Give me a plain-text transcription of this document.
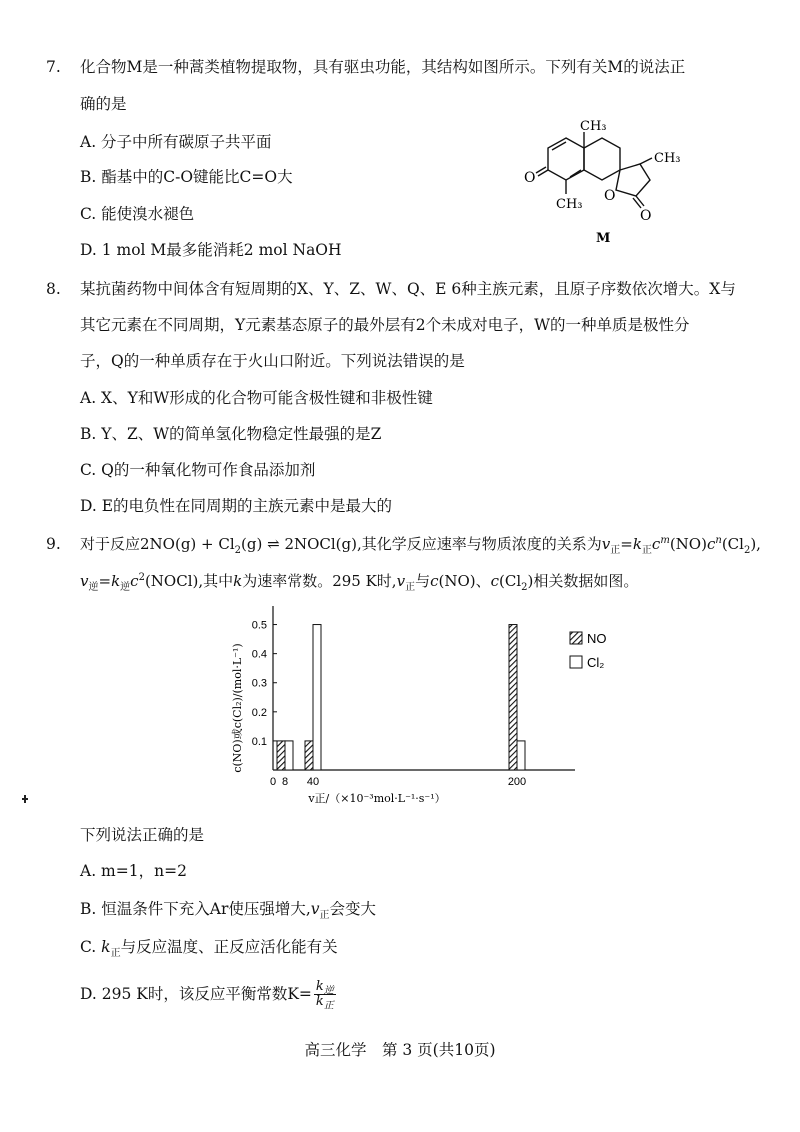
7. 化合物M是一种蒿类植物提取物，具有驱虫功能，其结构如图所示。下列有关M的说法正
确的是
A. 分子中所有碳原子共平面
B. 酯基中的C-O键能比C=O大
C. 能使溴水褪色
D. 1 mol M最多能消耗2 mol NaOH
CH₃
CH₃
CH₃
O
O
O
M
8. 某抗菌药物中间体含有短周期的X、Y、Z、W、Q、E 6种主族元素，且原子序数依次增大。X与
其它元素在不同周期，Y元素基态原子的最外层有2个未成对电子，W的一种单质是极性分
子，Q的一种单质存在于火山口附近。下列说法错误的是
A. X、Y和W形成的化合物可能含极性键和非极性键
B. Y、Z、W的简单氢化物稳定性最强的是Z
C. Q的一种氧化物可作食品添加剂
D. E的电负性在同周期的主族元素中是最大的
9. 对于反应$2NO(g) + Cl_2(g)$ ⇌ 2NOCl(g),其化学反应速率与物质浓度的关系为$v_正=k_正c^m(NO)c^n(Cl_2)$,
$v_逆=k_逆c^2(NOCl)$,其中k为速率常数。295 K时$,v_正$与c(NO)、$c(Cl_2)$相关数据如图。
0.1
0.2
0.3
0.4
0.5
0 8 40	200
NO
Cl₂
c(NO)或c(Cl₂)/(mol·L⁻¹)
v正/（×10⁻³mol·L⁻¹·s⁻¹）
下列说法正确的是
A. m=1，n=2
B. 恒温条件下充入Ar使压强增大$,v_正$会变大
C. $k_正$与反应温度、正反应活化能有关
D. 295 K时，该反应平衡常数$K= \frac{k_逆}{k_正}$
高三化学　第 3 页(共10页)
